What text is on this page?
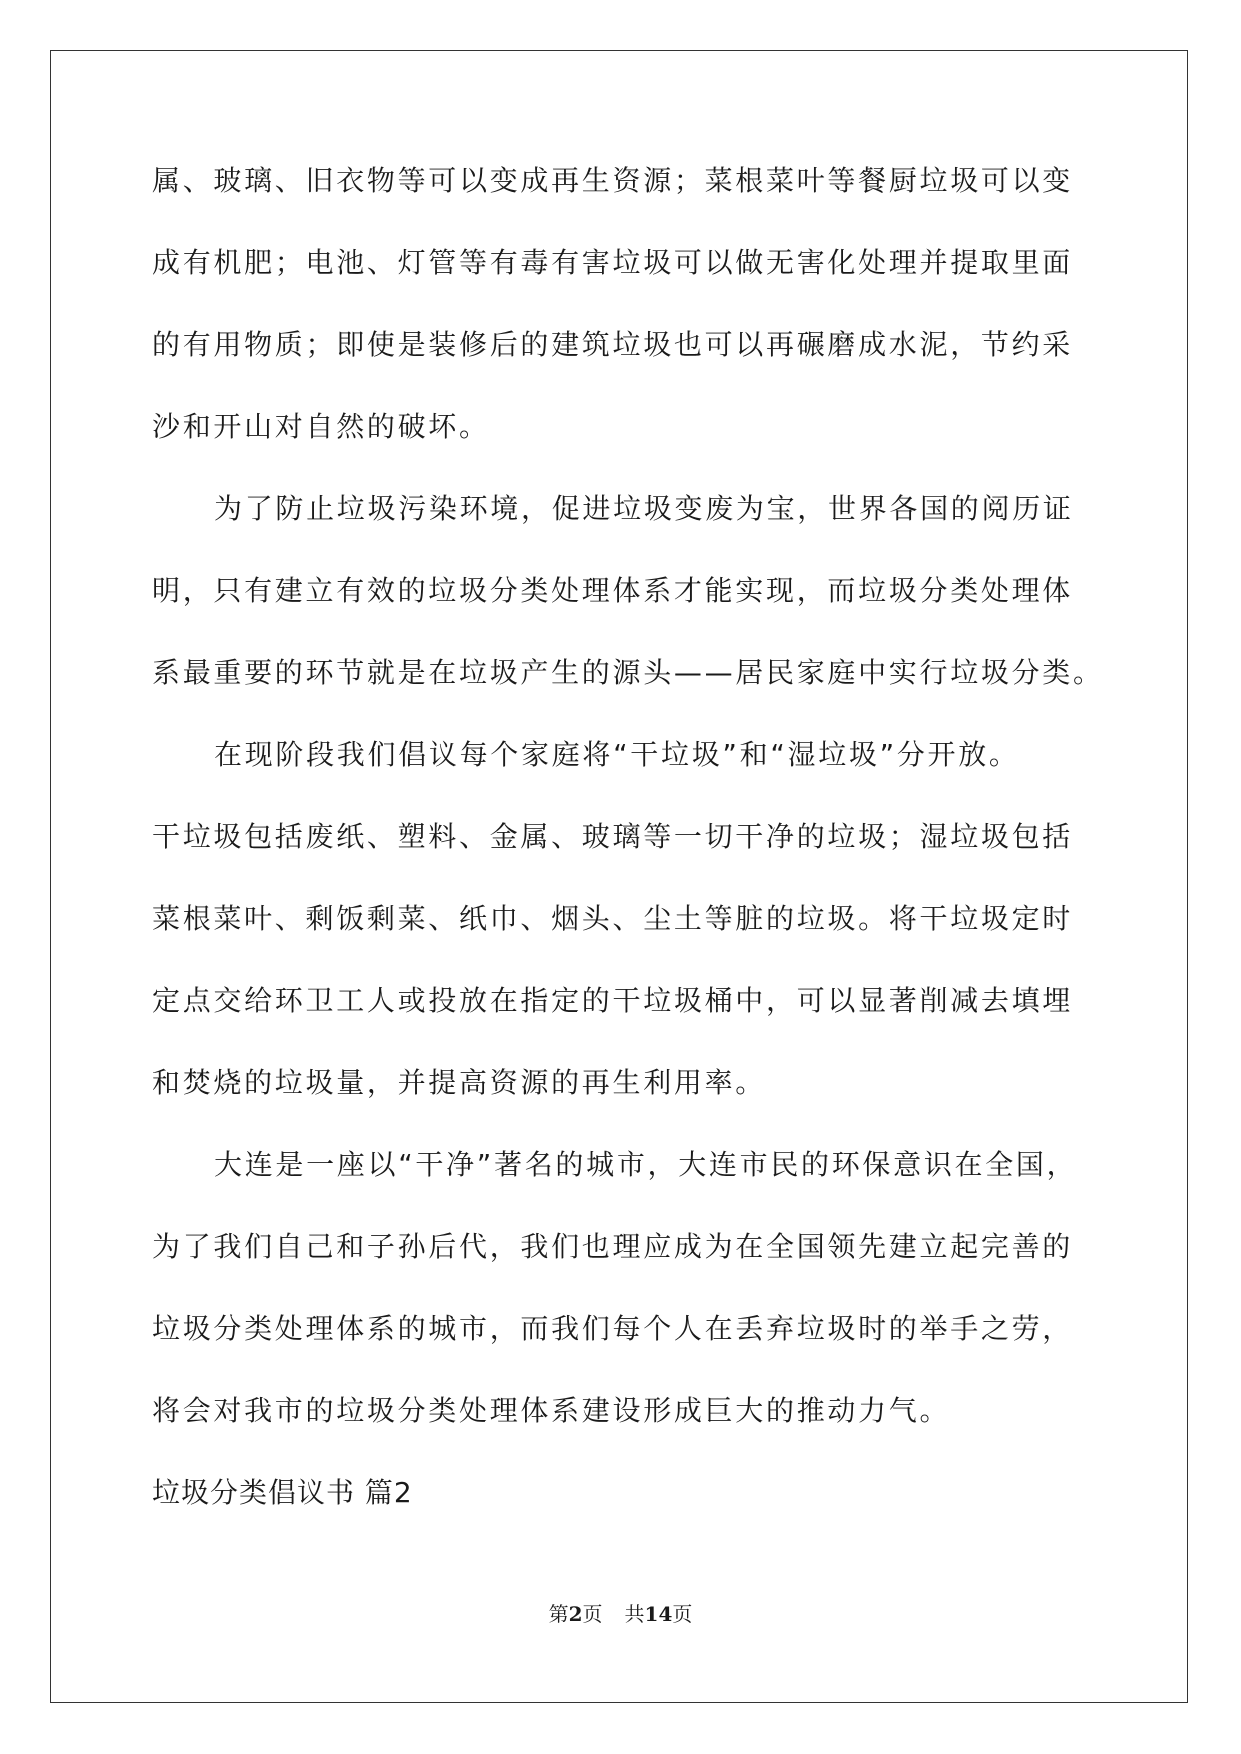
属、玻璃、旧衣物等可以变成再生资源；菜根菜叶等餐厨垃圾可以变
成有机肥；电池、灯管等有毒有害垃圾可以做无害化处理并提取里面
的有用物质；即使是装修后的建筑垃圾也可以再碾磨成水泥，节约采
沙和开山对自然的破坏。
为了防止垃圾污染环境，促进垃圾变废为宝，世界各国的阅历证
明，只有建立有效的垃圾分类处理体系才能实现，而垃圾分类处理体
系最重要的环节就是在垃圾产生的源头——居民家庭中实行垃圾分类。
在现阶段我们倡议每个家庭将“干垃圾”和“湿垃圾”分开放。
干垃圾包括废纸、塑料、金属、玻璃等一切干净的垃圾；湿垃圾包括
菜根菜叶、剩饭剩菜、纸巾、烟头、尘土等脏的垃圾。将干垃圾定时
定点交给环卫工人或投放在指定的干垃圾桶中，可以显著削减去填埋
和焚烧的垃圾量，并提高资源的再生利用率。
大连是一座以“干净”著名的城市，大连市民的环保意识在全国，
为了我们自己和子孙后代，我们也理应成为在全国领先建立起完善的
垃圾分类处理体系的城市，而我们每个人在丢弃垃圾时的举手之劳，
将会对我市的垃圾分类处理体系建设形成巨大的推动力气。
垃圾分类倡议书 篇2
第2页 共14页
